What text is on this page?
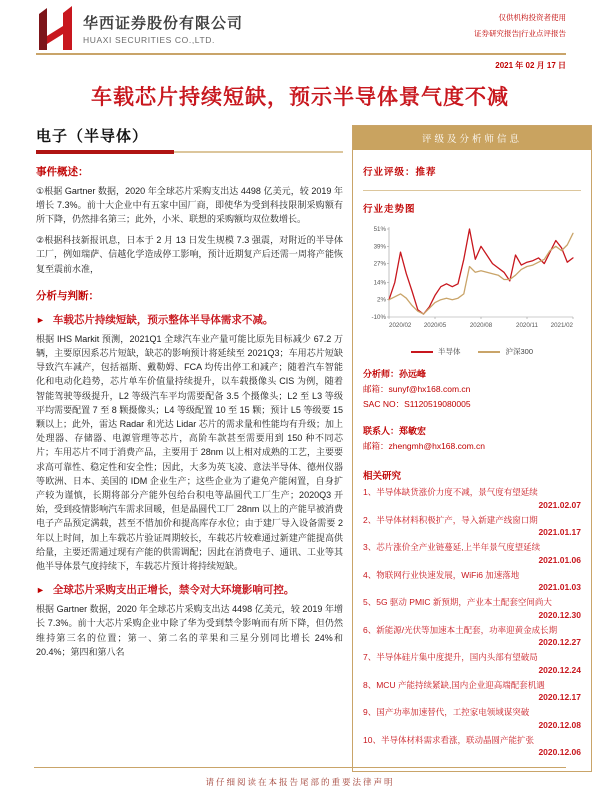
华西证券股份有限公司
HUAXI SECURITIES CO.,LTD.
仅供机构投资者使用
证券研究报告|行业点评报告
2021 年 02 月 17 日
车载芯片持续短缺，预示半导体景气度不减
电子（半导体）
事件概述：

①根据 Gartner 数据，2020 年全球芯片采购支出达 4498 亿美元，较 2019 年增长 7.3%。前十大企业中有五家中国厂商，即使华为受到科技限制采购额有所下降，仍然排名第三；此外，小米、联想的采购额均双位数增长。

②根据科技新报讯息，日本于 2 月 13 日发生规模 7.3 强震，对附近的半导体工厂，例如瑞萨、信越化学造成停工影响，预计近期复产后还需一周将产能恢复至震前水准，

分析与判断：
► 车载芯片持续短缺，预示整体半导体需求不减。

根据 IHS Markit 预测，2021Q1 全球汽车业产量可能比原先目标减少 67.2 万辆，主要原因系芯片短缺，缺芯的影响预计将延续至 2021Q3；车用芯片短缺导致汽车减产，包括福斯、戴勒姆、FCA 均传出停工和减产；随着汽车智能化和电动化趋势，芯片单车价值量持续提升，以车载摄像头 CIS 为例，随着智能驾驶等级提升，L2 等级汽车平均需要配备 3.5 个摄像头；L2 至 L3 等级平均需要配置 7 至 8 颗摄像头；L4 等级配置 10 至 15 颗；预计 L5 等级要 15 颗以上；此外，雷达 Radar 和光达 Lidar 芯片的需求量和性能均有升级；加上处理器、存储器、电源管理等芯片，高阶车款甚至需要用到 150 种不同芯片；车用芯片不同于消费产品，主要用于 28nm 以上相对成熟的工艺，主要要求高可靠性、稳定性和安全性；因此，大多为英飞凌、意法半导体、德州仪器等欧洲、日本、美国的 IDM 企业生产；这些企业为了避免产能闲置，自身扩产较为谨慎，长期将部分产能外包给台积电等晶圆代工厂生产；2020Q3 开始，受到疫情影响汽车需求回暖，但是晶圆代工厂 28nm 以上的产能早被消费电子产品预定满载，甚至不惜加价和提高库存水位；由于建厂导入设备需要 2 年以上时间，加上车载芯片验证周期较长，车载芯片较难通过新建产能提高供给量，主要还需通过现有产能的供需调配；因此在消费电子、通讯、工业等其他半导体景气度持续下，车载芯片预计将持续短缺。

► 全球芯片采购支出正增长，禁令对大环境影响可控。

根据 Gartner 数据，2020 年全球芯片采购支出达 4498 亿美元，较 2019 年增长 7.3%。前十大芯片采购企业中除了华为受到禁令影响而有所下降，但仍然维持第三名的位置；第一、第二名的苹果和三星分别同比增长 24%和 20.4%；第四和第八名

评级及分析师信息
行业评级：推荐
行业走势图
-10%
2%
14%
27%
39%
51%
2020/02 2020/05	2020/08	2020/11 2021/02
半导体	沪深300
分析师：孙远峰
邮箱：sunyf@hx168.com.cn
SAC NO：S1120519080005
联系人：郑敏宏
邮箱：zhengmh@hx168.com.cn
相关研究
1、半导体缺货涨价力度不减，景气度有望延续
2021.02.07
2、半导体材料积极扩产，导入新建产线窗口期
2021.01.17
3、芯片涨价全产业链蔓延,上半年景气度望延续
2021.01.06
4、物联网行业快速发展，WiFi6 加速落地
2021.01.03
5、5G 驱动 PMIC 新预期，产业本土配套空间尚大
2020.12.30
6、新能源/光伏等加速本土配套，功率迎黄金成长期
2020.12.27
7、半导体硅片集中度提升，国内头部有望破局
2020.12.24
8、MCU 产能持续紧缺,国内企业迎高端配套机遇
2020.12.17
9、国产功率加速替代，工控家电领域谋突破
2020.12.08
10、半导体材料需求看涨，联动晶圆产能扩张
2020.12.06
请仔细阅读在本报告尾部的重要法律声明
